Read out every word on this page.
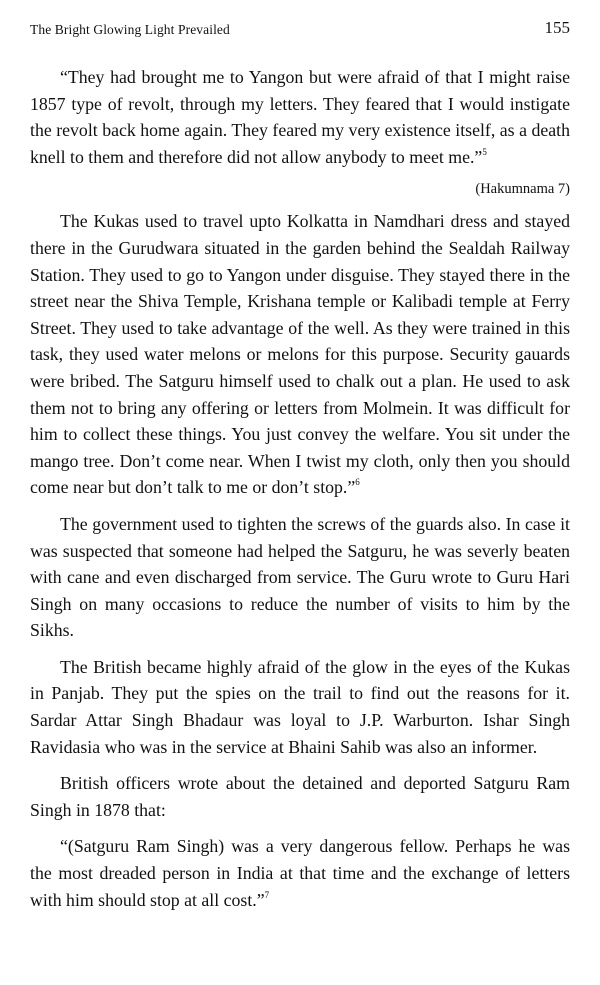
The Bright Glowing Light Prevailed	155

“They had brought me to Yangon but were afraid of that I might raise 1857 type of revolt, through my letters. They feared that I would instigate the revolt back home again. They feared my very existence itself, as a death knell to them and therefore did not allow anybody to meet me.”$^5$

(Hakumnama 7)

The Kukas used to travel upto Kolkatta in Namdhari dress and stayed there in the Gurudwara situated in the garden behind the Sealdah Railway Station. They used to go to Yangon under disguise. They stayed there in the street near the Shiva Temple, Krishana temple or Kalibadi temple at Ferry Street. They used to take advantage of the well. As they were trained in this task, they used water melons or melons for this purpose. Security gauards were bribed. The Satguru himself used to chalk out a plan. He used to ask them not to bring any offering or letters from Molmein. It was difficult for him to collect these things. You just convey the welfare. You sit under the mango tree. Don’t come near. When I twist my cloth, only then you should come near but don’t talk to me or don’t stop.”$^6$

The government used to tighten the screws of the guards also. In case it was suspected that someone had helped the Satguru, he was severly beaten with cane and even discharged from service. The Guru wrote to Guru Hari Singh on many occasions to reduce the number of visits to him by the Sikhs.

The British became highly afraid of the glow in the eyes of the Kukas in Panjab. They put the spies on the trail to find out the reasons for it. Sardar Attar Singh Bhadaur was loyal to J.P. Warburton. Ishar Singh Ravidasia who was in the service at Bhaini Sahib was also an informer.

British officers wrote about the detained and deported Satguru Ram Singh in 1878 that:

“(Satguru Ram Singh) was a very dangerous fellow. Perhaps he was the most dreaded person in India at that time and the exchange of letters with him should stop at all cost.”$^7$
